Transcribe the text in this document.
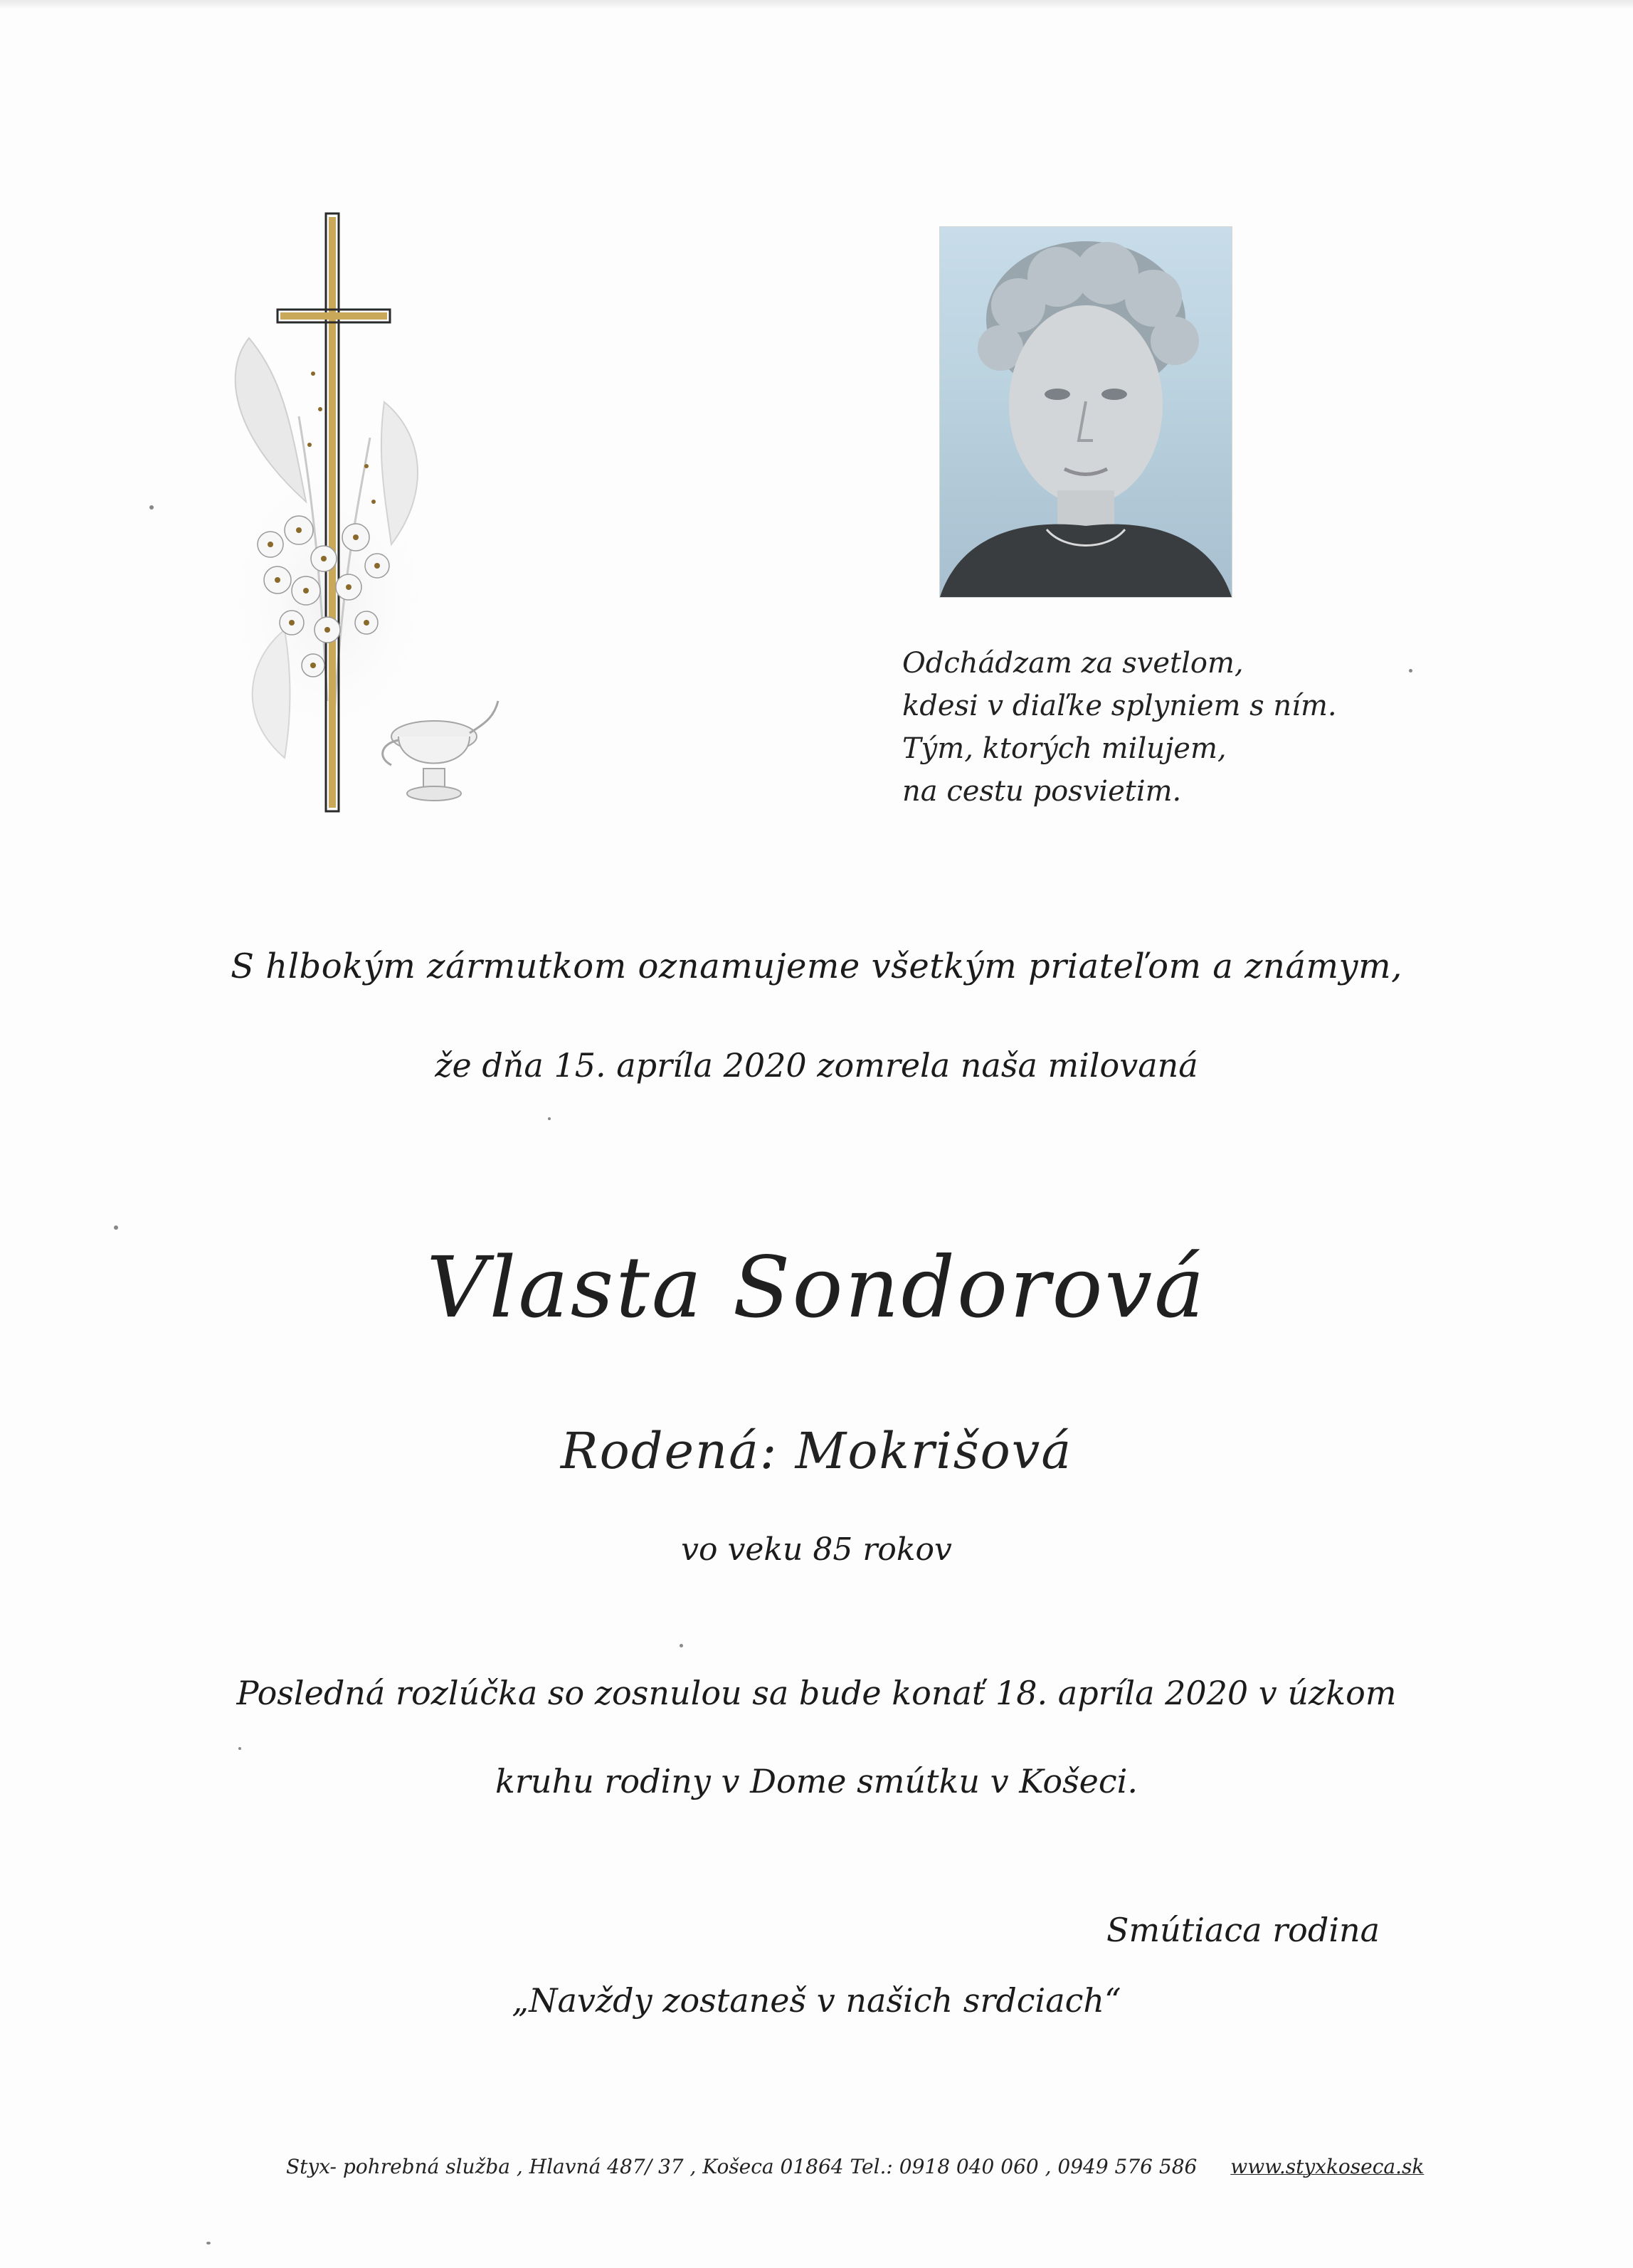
Odchádzam za svetlom,
kdesi v diaľke splyniem s ním.
Tým, ktorých milujem,
na cestu posvietim.
S hlbokým zármutkom oznamujeme všetkým priateľom a známym,
že dňa 15. apríla 2020 zomrela naša milovaná
Vlasta Sondorová
Rodená: Mokrišová
vo veku 85 rokov
Posledná rozlúčka so zosnulou sa bude konať 18. apríla 2020 v úzkom
kruhu rodiny v Dome smútku v Košeci.
Smútiaca rodina
„Navždy zostaneš v našich srdciach“
Styx- pohrebná služba , Hlavná 487/ 37 , Košeca 01864 Tel.: 0918 040 060 , 0949 576 586 www.styxkoseca.sk
